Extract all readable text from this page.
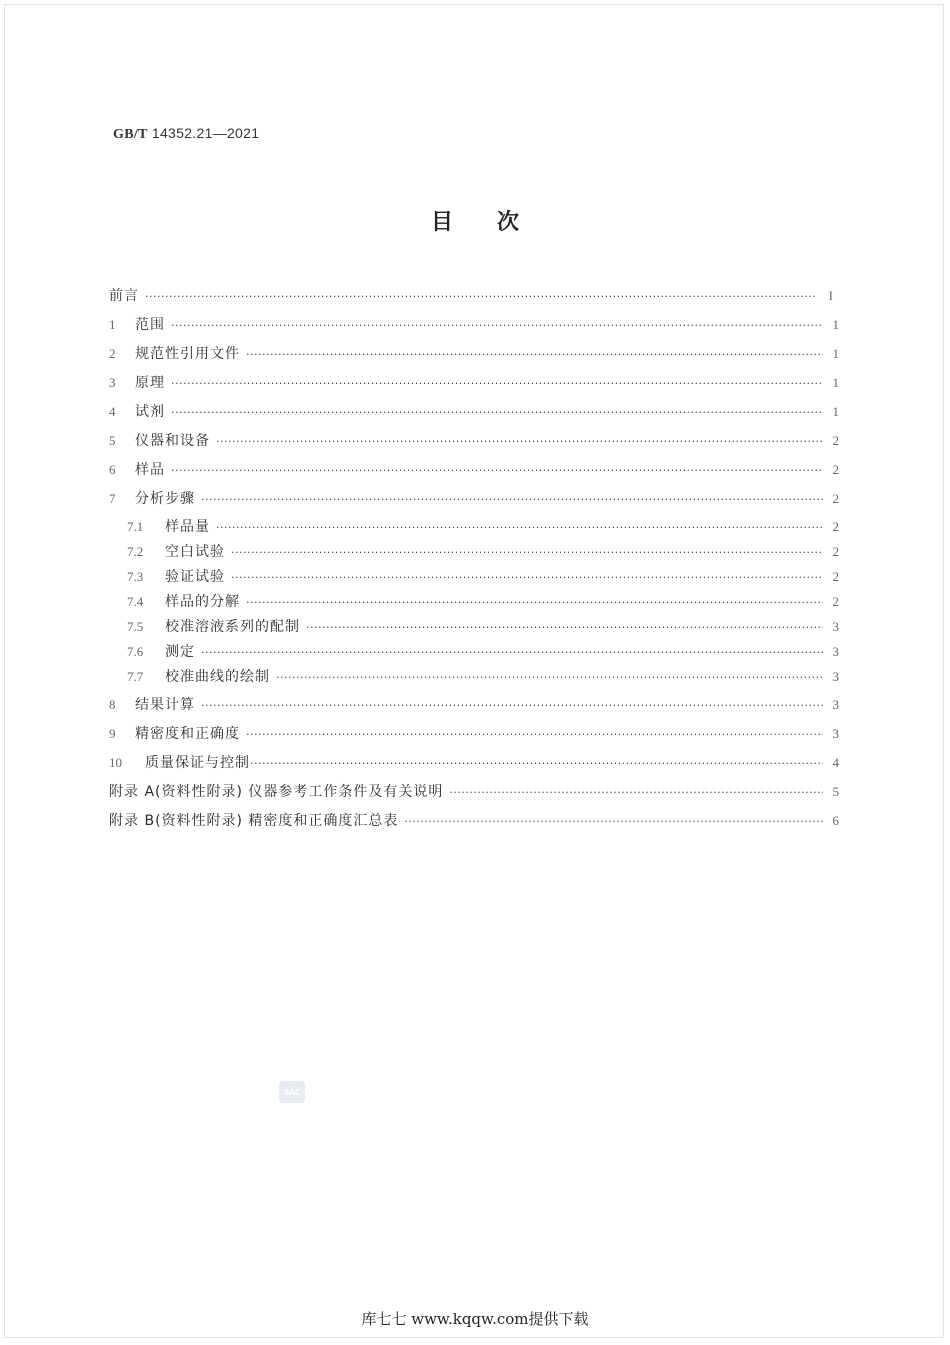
GB/T 14352.21—2021
目次
前言 ·····	I
1	范围 ·····	1
2	规范性引用文件 ·····	1
3	原理 ·····	1
4	试剂 ·····	1
5	仪器和设备 ·····	2
6	样品 ·····	2
7	分析步骤 ·····	2
7.1	样品量 ·····	2
7.2	空白试验 ·····	2
7.3	验证试验 ·····	2
7.4	样品的分解 ·····	2
7.5	校准溶液系列的配制 ·····	3
7.6	测定 ·····	3
7.7	校准曲线的绘制 ·····	3
8	结果计算 ·····	3
9	精密度和正确度 ·····	3
10	质量保证与控制 ·····	4
附录 A (资料性附录) 仪器参考工作条件及有关说明 ·····	5
附录 B (资料性附录) 精密度和正确度汇总表 ·····	6
SAC
库七七 www.kqqw.com提供下载
